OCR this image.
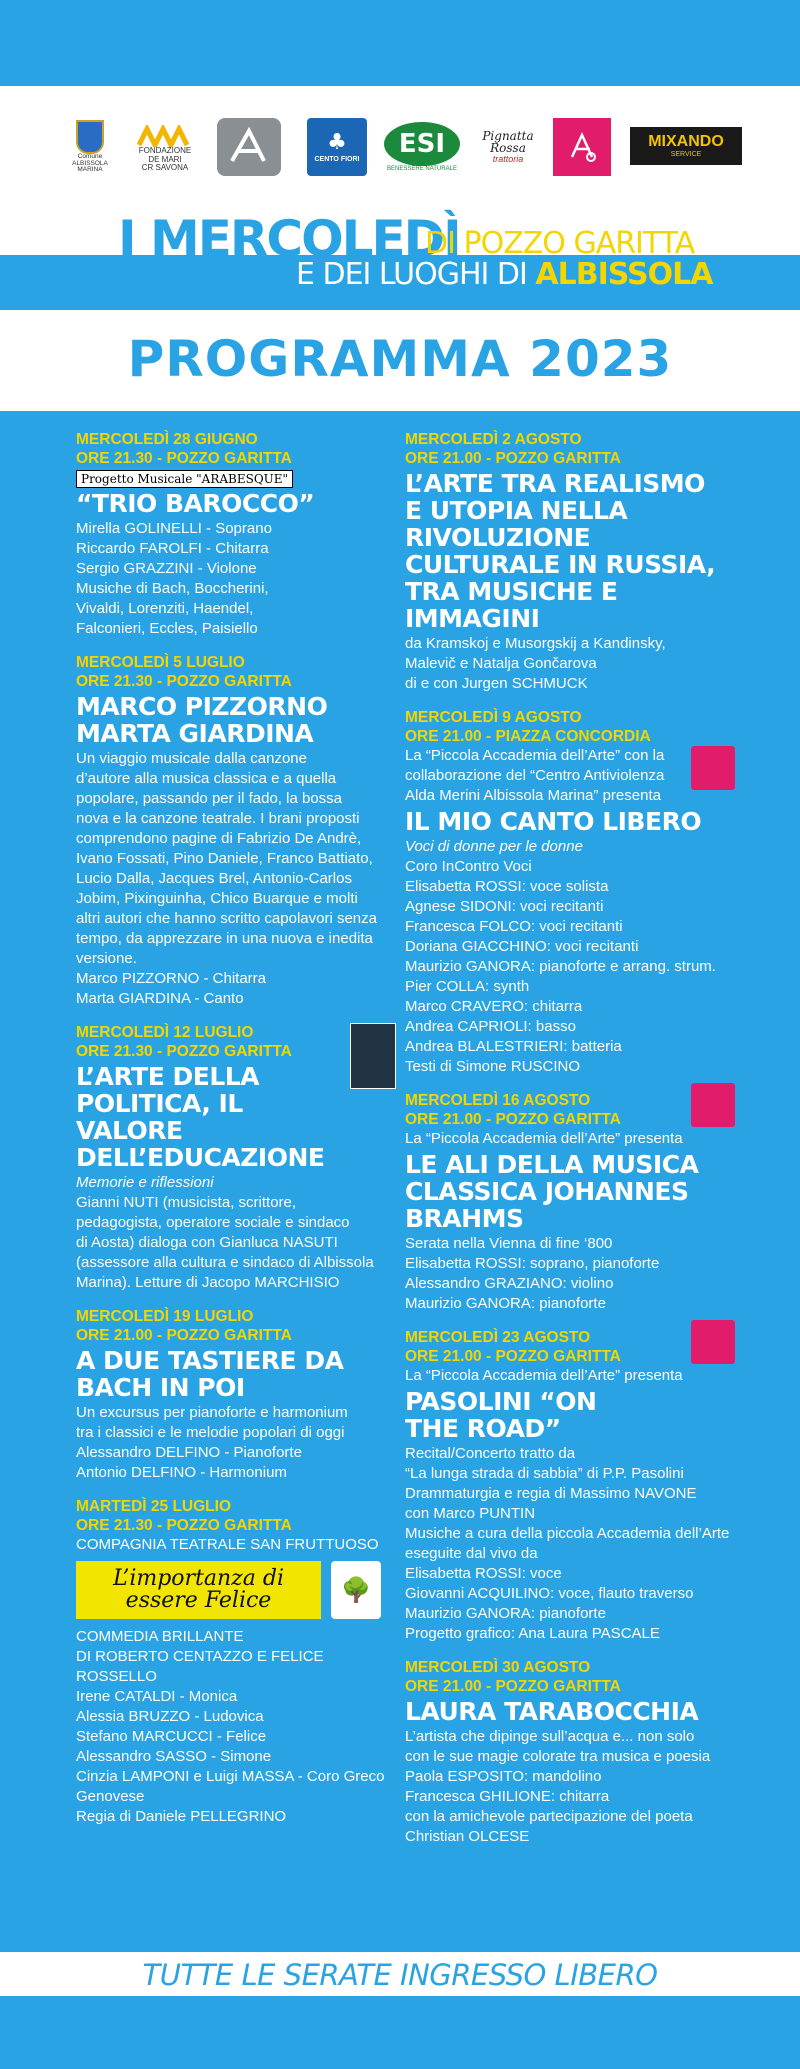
Comune
ALBISSOLA
MARINA
FONDAZIONE
DE MARI
CR SAVONA
♣
CENTO FIORI
ESI
BENESSERE NATURALE
Pignatta Rossa
trattoria
MIXANDO
SERVICE
I MERCOLEDÌ
DI POZZO GARITTA
E DEI LUOGHI DI ALBISSOLA
PROGRAMMA 2023
MERCOLEDÌ 28 GIUGNO
ORE 21.30 - POZZO GARITTA
Progetto Musicale "ARABESQUE"
“TRIO BAROCCO”
Mirella GOLINELLI - Soprano
Riccardo FAROLFI - Chitarra
Sergio GRAZZINI - Violone
Musiche di Bach, Boccherini,
Vivaldi, Lorenziti, Haendel,
Falconieri, Eccles, Paisiello
MERCOLEDÌ 5 LUGLIO
ORE 21.30 - POZZO GARITTA
MARCO PIZZORNO MARTA GIARDINA
Un viaggio musicale dalla canzone
d’autore alla musica classica e a quella
popolare, passando per il fado, la bossa
nova e la canzone teatrale. I brani proposti
comprendono pagine di Fabrizio De Andrè,
Ivano Fossati, Pino Daniele, Franco Battiato,
Lucio Dalla, Jacques Brel, Antonio-Carlos
Jobim, Pixinguinha, Chico Buarque e molti
altri autori che hanno scritto capolavori senza
tempo, da apprezzare in una nuova e inedita
versione.
Marco PIZZORNO - Chitarra
Marta GIARDINA - Canto
MERCOLEDÌ 12 LUGLIO
ORE 21.30 - POZZO GARITTA
L’ARTE DELLA POLITICA, IL VALORE DELL’EDUCAZIONE
Memorie e riflessioni
Gianni NUTI (musicista, scrittore,
pedagogista, operatore sociale e sindaco
di Aosta) dialoga con Gianluca NASUTI
(assessore alla cultura e sindaco di Albissola
Marina). Letture di Jacopo MARCHISIO
MERCOLEDÌ 19 LUGLIO
ORE 21.00 - POZZO GARITTA
A DUE TASTIERE DA BACH IN POI
Un excursus per pianoforte e harmonium
tra i classici e le melodie popolari di oggi
Alessandro DELFINO - Pianoforte
Antonio DELFINO - Harmonium
MARTEDÌ 25 LUGLIO
ORE 21.30 - POZZO GARITTA
COMPAGNIA TEATRALE SAN FRUTTUOSO
L’importanza di essere Felice	🌳
COMMEDIA BRILLANTE
DI ROBERTO CENTAZZO E FELICE ROSSELLO
Irene CATALDI - Monica
Alessia BRUZZO - Ludovica
Stefano MARCUCCI - Felice
Alessandro SASSO - Simone
Cinzia LAMPONI e Luigi MASSA - Coro Greco
Genovese
Regia di Daniele PELLEGRINO
MERCOLEDÌ 2 AGOSTO
ORE 21.00 - POZZO GARITTA
L’ARTE TRA REALISMO E UTOPIA NELLA RIVOLUZIONE CULTURALE IN RUSSIA, TRA MUSICHE E IMMAGINI
da Kramskoj e Musorgskij a Kandinsky,
Malevič e Natalja Gončarova
di e con Jurgen SCHMUCK
MERCOLEDÌ 9 AGOSTO
ORE 21.00 - PIAZZA CONCORDIA
La “Piccola Accademia dell’Arte” con la
collaborazione del “Centro Antiviolenza
Alda Merini Albissola Marina” presenta
IL MIO CANTO LIBERO
Voci di donne per le donne
Coro InContro Voci
Elisabetta ROSSI: voce solista
Agnese SIDONI: voci recitanti
Francesca FOLCO: voci recitanti
Doriana GIACCHINO: voci recitanti
Maurizio GANORA: pianoforte e arrang. strum.
Pier COLLA: synth
Marco CRAVERO: chitarra
Andrea CAPRIOLI: basso
Andrea BLALESTRIERI: batteria
Testi di Simone RUSCINO
MERCOLEDÌ 16 AGOSTO
ORE 21.00 - POZZO GARITTA
La “Piccola Accademia dell’Arte” presenta
LE ALI DELLA MUSICA CLASSICA JOHANNES BRAHMS
Serata nella Vienna di fine ‘800
Elisabetta ROSSI: soprano, pianoforte
Alessandro GRAZIANO: violino
Maurizio GANORA: pianoforte
MERCOLEDÌ 23 AGOSTO
ORE 21.00 - POZZO GARITTA
La “Piccola Accademia dell’Arte” presenta
PASOLINI “ON THE ROAD”
Recital/Concerto tratto da
“La lunga strada di sabbia” di P.P. Pasolini
Drammaturgia e regia di Massimo NAVONE
con Marco PUNTIN
Musiche a cura della piccola Accademia dell’Arte
eseguite dal vivo da
Elisabetta ROSSI: voce
Giovanni ACQUILINO: voce, flauto traverso
Maurizio GANORA: pianoforte
Progetto grafico: Ana Laura PASCALE
MERCOLEDÌ 30 AGOSTO
ORE 21.00 - POZZO GARITTA
LAURA TARABOCCHIA
L’artista che dipinge sull’acqua e... non solo
con le sue magie colorate tra musica e poesia
Paola ESPOSITO: mandolino
Francesca GHILIONE: chitarra
con la amichevole partecipazione del poeta
Christian OLCESE
TUTTE LE SERATE INGRESSO LIBERO
